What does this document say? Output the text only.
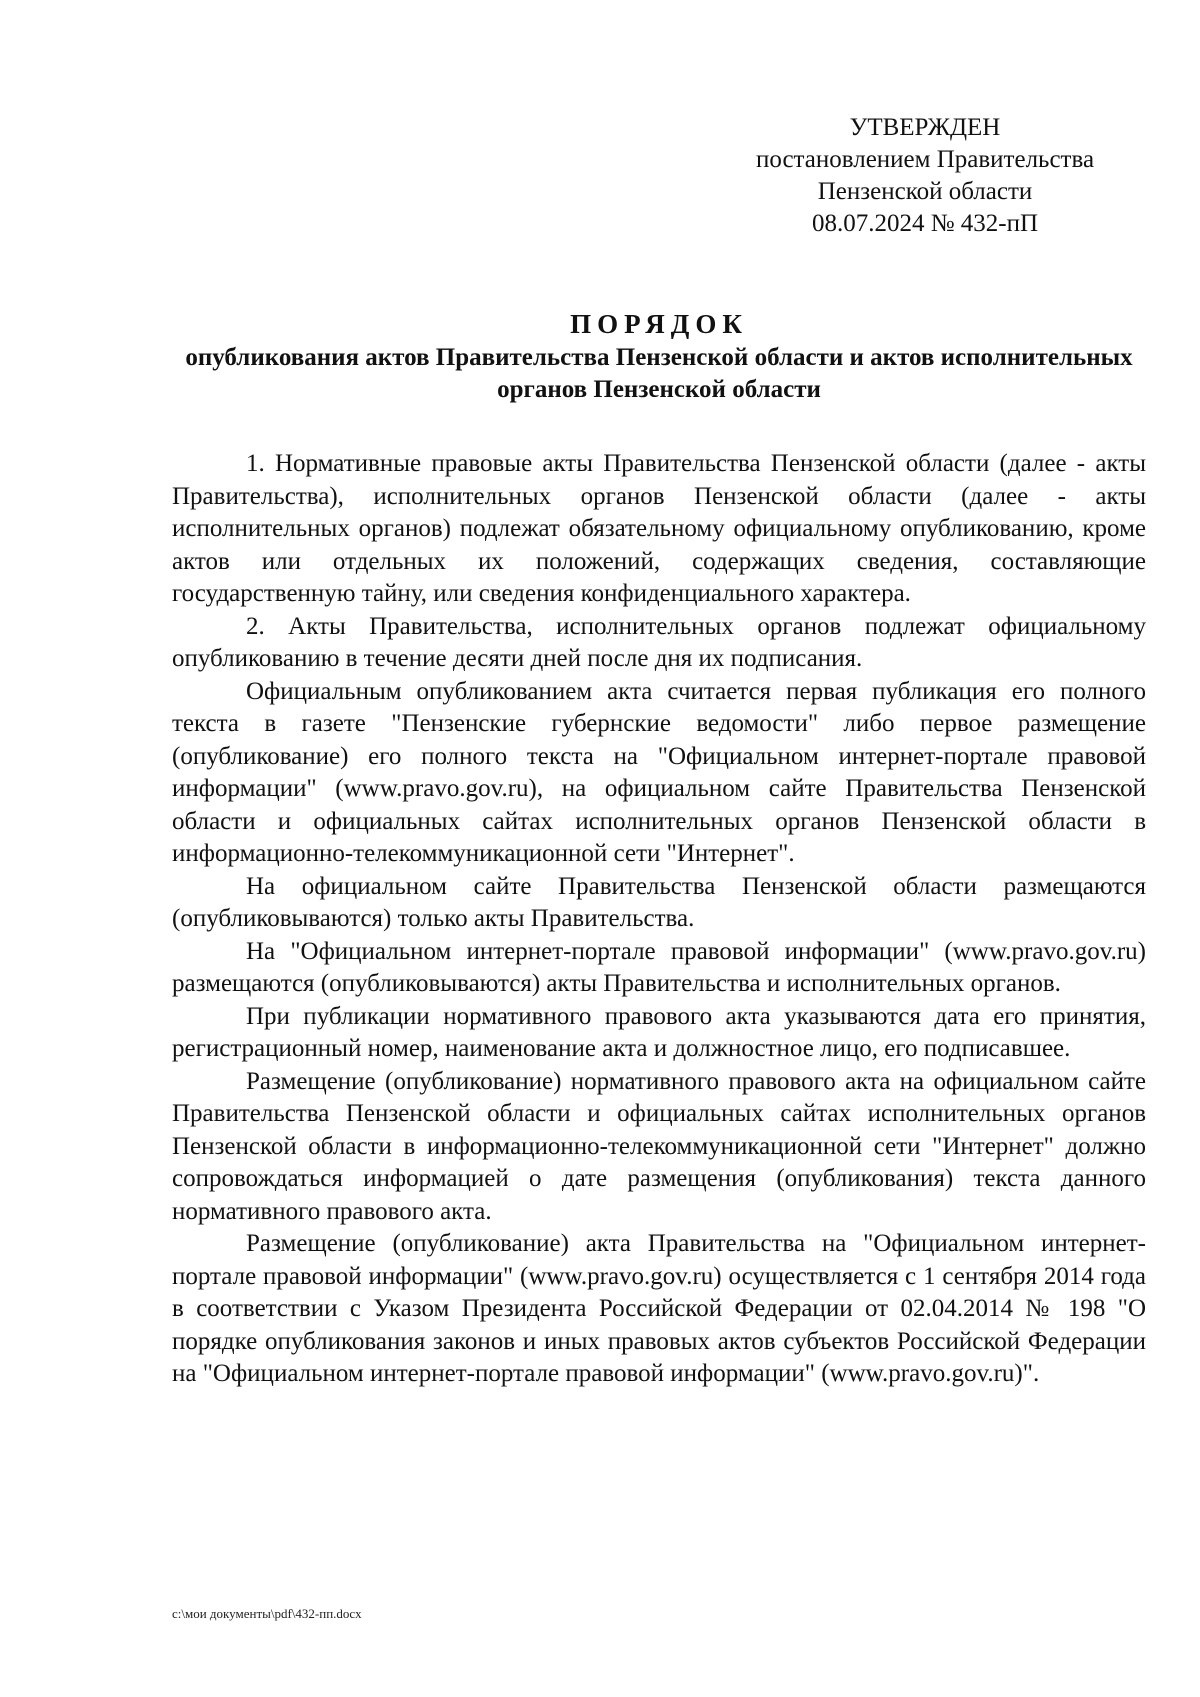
УТВЕРЖДЕН
постановлением Правительства
Пензенской области
08.07.2024 № 432-пП

ПОРЯДОК

опубликования актов Правительства Пензенской области и актов исполнительных органов Пензенской области

1. Нормативные правовые акты Правительства Пензенской области (далее - акты Правительства), исполнительных органов Пензенской области (далее - акты исполнительных органов) подлежат обязательному официальному опубликованию, кроме актов или отдельных их положений, содержащих сведения, составляющие государственную тайну, или сведения конфиденциального характера.

2. Акты Правительства, исполнительных органов подлежат официальному опубликованию в течение десяти дней после дня их подписания.

Официальным опубликованием акта считается первая публикация его полного текста в газете "Пензенские губернские ведомости" либо первое размещение (опубликование) его полного текста на "Официальном интернет-портале правовой информации" (www.pravo.gov.ru), на официальном сайте Правительства Пензенской области и официальных сайтах исполнительных органов Пензенской области в информационно-телекоммуникационной сети "Интернет".

На официальном сайте Правительства Пензенской области размещаются (опубликовываются) только акты Правительства.

На "Официальном интернет-портале правовой информации" (www.pravo.gov.ru) размещаются (опубликовываются) акты Правительства и исполнительных органов.

При публикации нормативного правового акта указываются дата его принятия, регистрационный номер, наименование акта и должностное лицо, его подписавшее.

Размещение (опубликование) нормативного правового акта на официальном сайте Правительства Пензенской области и официальных сайтах исполнительных органов Пензенской области в информационно-телекоммуникационной сети "Интернет" должно сопровождаться информацией о дате размещения (опубликования) текста данного нормативного правового акта.

Размещение (опубликование) акта Правительства на "Официальном интернет-портале правовой информации" (www.pravo.gov.ru) осуществляется с 1 сентября 2014 года в соответствии с Указом Президента Российской Федерации от 02.04.2014 № 198 "О порядке опубликования законов и иных правовых актов субъектов Российской Федерации на "Официальном интернет-портале правовой информации" (www.pravo.gov.ru)".

c:\мои документы\pdf\432-пп.docx
